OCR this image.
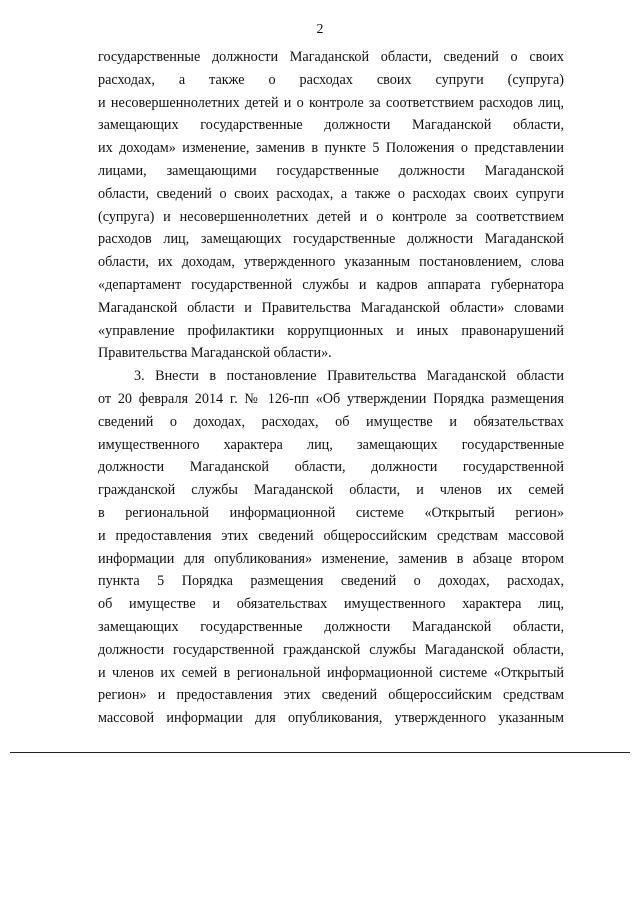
2
государственные должности Магаданской области, сведений о своих
расходах, а также о расходах своих супруги (супруга)
и несовершеннолетних детей и о контроле за соответствием расходов лиц,
замещающих государственные должности Магаданской области,
их доходам» изменение, заменив в пункте 5 Положения о представлении
лицами, замещающими государственные должности Магаданской
области, сведений о своих расходах, а также о расходах своих супруги
(супруга) и несовершеннолетних детей и о контроле за соответствием
расходов лиц, замещающих государственные должности Магаданской
области, их доходам, утвержденного указанным постановлением, слова
«департамент государственной службы и кадров аппарата губернатора
Магаданской области и Правительства Магаданской области» словами
«управление профилактики коррупционных и иных правонарушений
Правительства Магаданской области».
3. Внести в постановление Правительства Магаданской области
от 20 февраля 2014 г. № 126-пп «Об утверждении Порядка размещения
сведений о доходах, расходах, об имуществе и обязательствах
имущественного характера лиц, замещающих государственные
должности Магаданской области, должности государственной
гражданской службы Магаданской области, и членов их семей
в региональной информационной системе «Открытый регион»
и предоставления этих сведений общероссийским средствам массовой
информации для опубликования» изменение, заменив в абзаце втором
пункта 5 Порядка размещения сведений о доходах, расходах,
об имуществе и обязательствах имущественного характера лиц,
замещающих государственные должности Магаданской области,
должности государственной гражданской службы Магаданской области,
и членов их семей в региональной информационной системе «Открытый
регион» и предоставления этих сведений общероссийским средствам
массовой информации для опубликования, утвержденного указанным
